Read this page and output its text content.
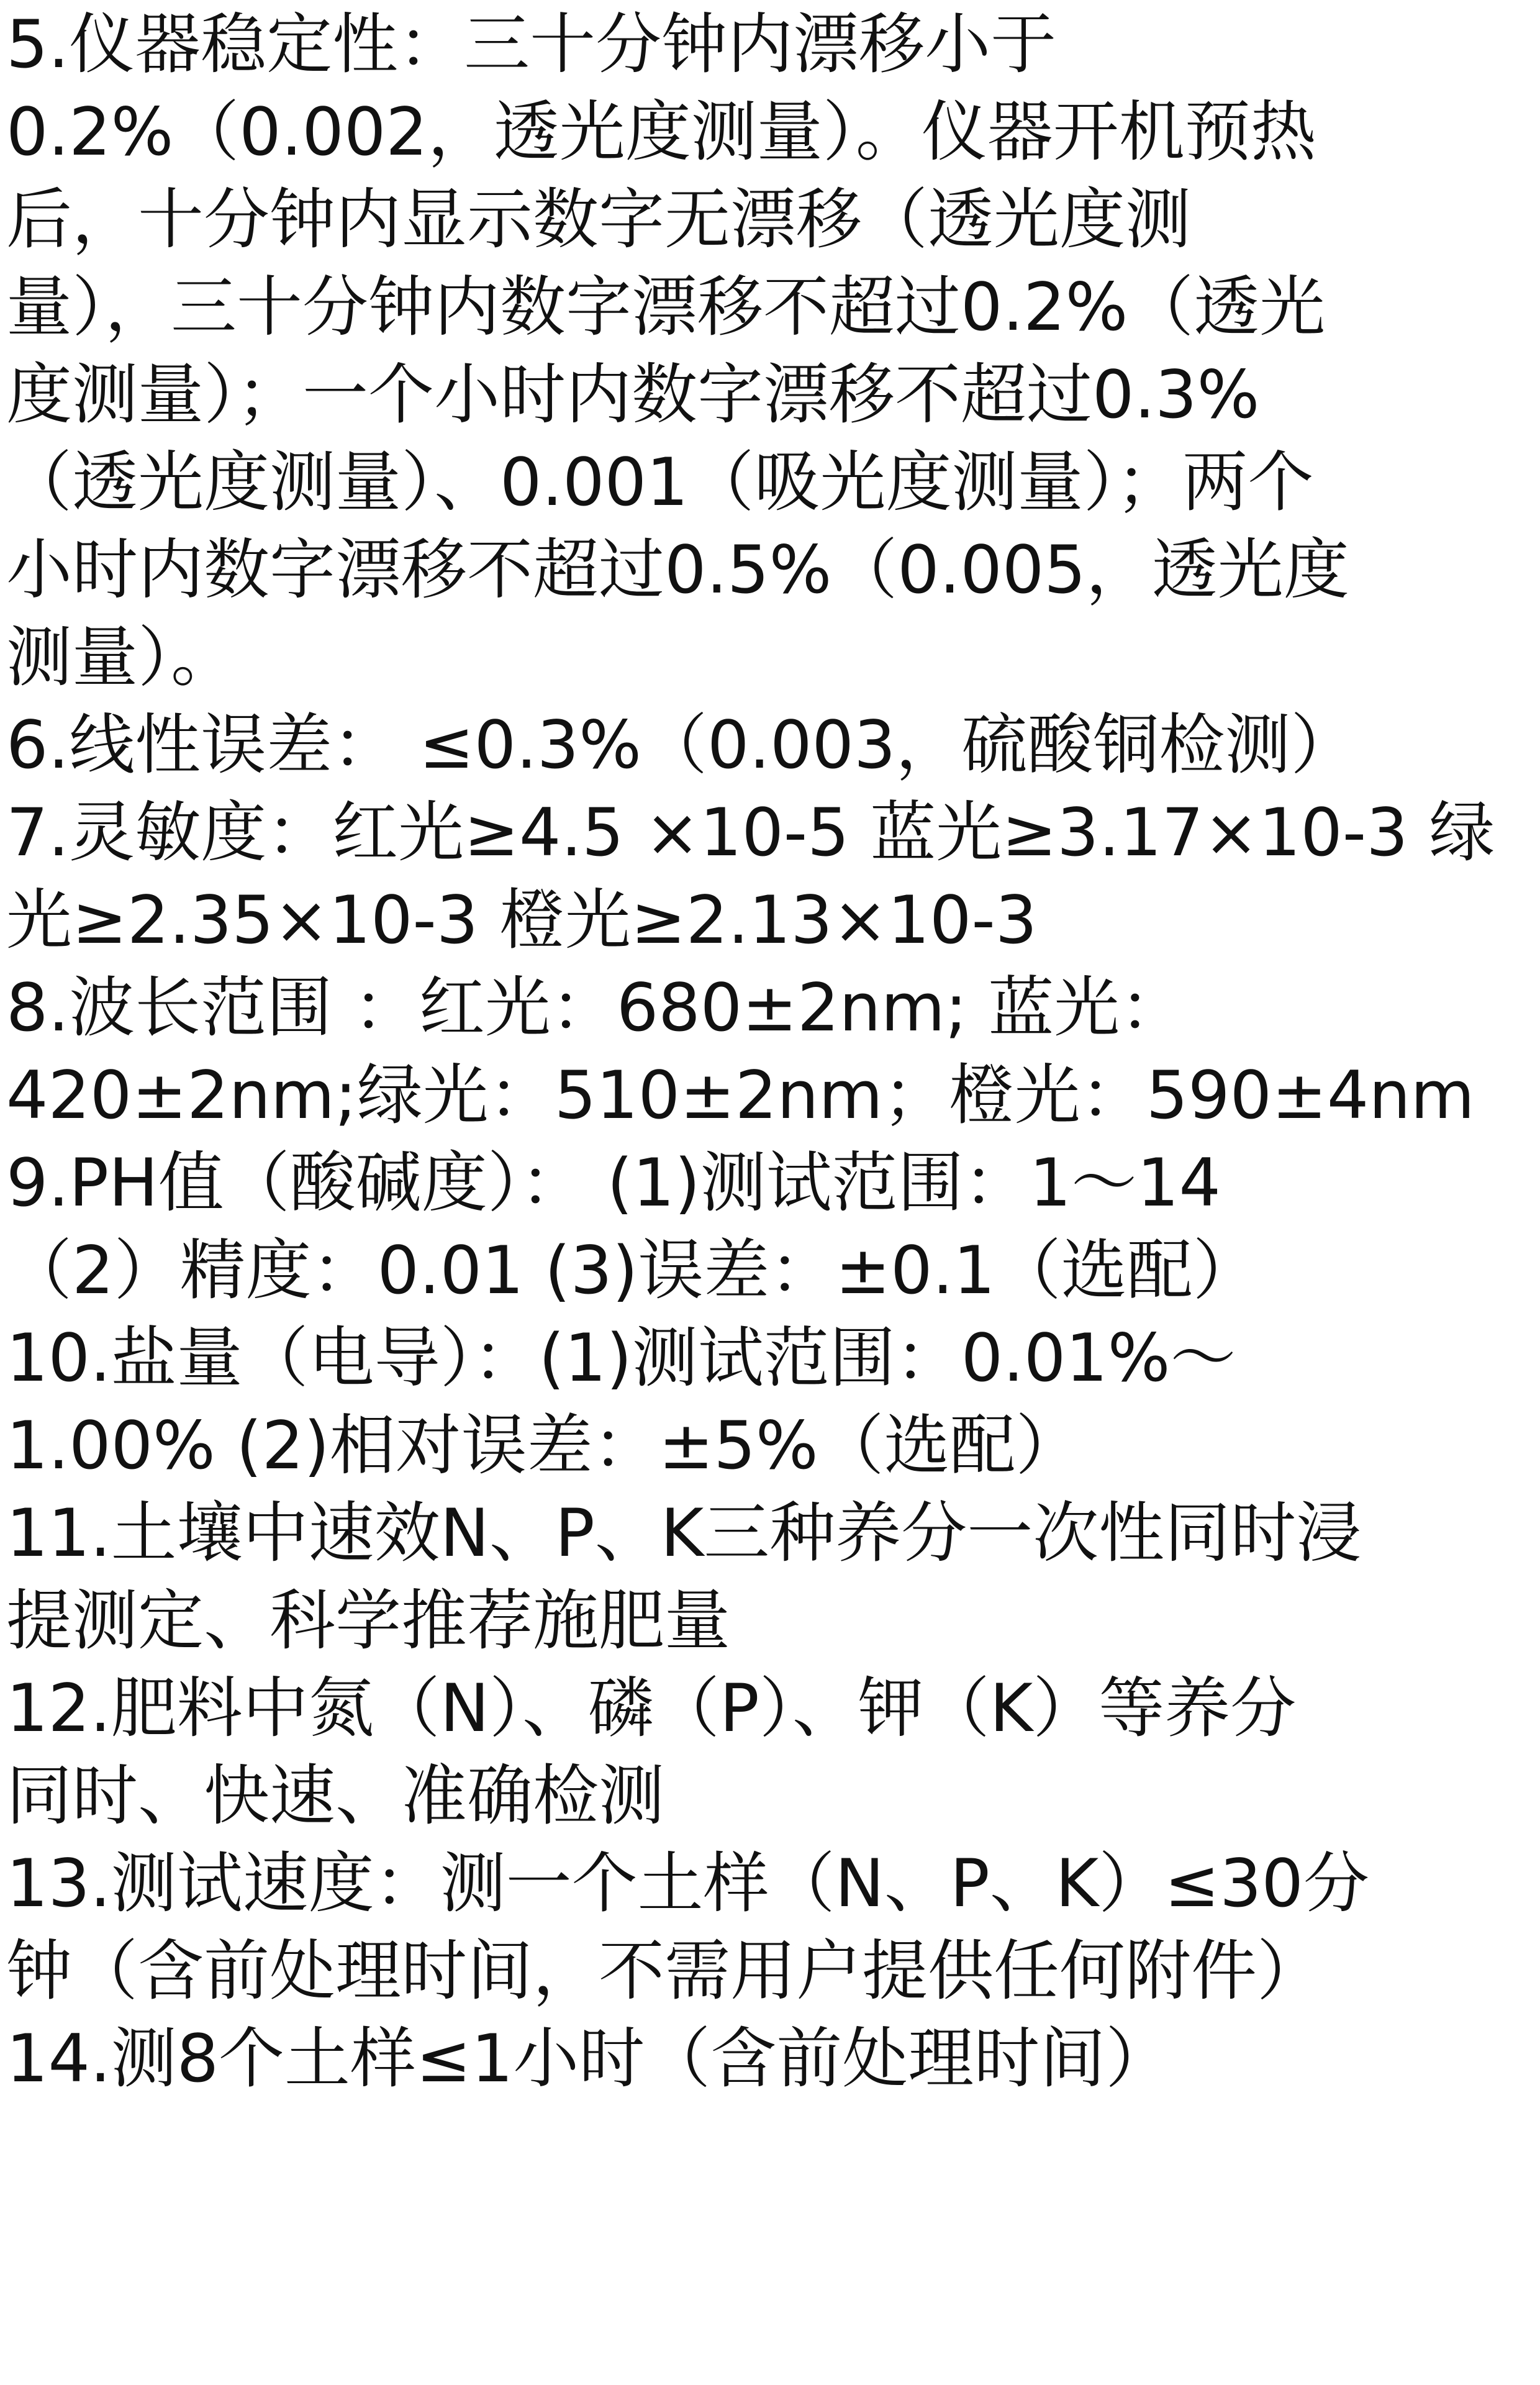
5.仪器稳定性：三十分钟内漂移小于
0.2%（0.002，透光度测量）。仪器开机预热
后，十分钟内显示数字无漂移（透光度测
量），三十分钟内数字漂移不超过0.2%（透光
度测量）；一个小时内数字漂移不超过0.3%
（透光度测量）、0.001（吸光度测量）；两个
小时内数字漂移不超过0.5%（0.005，透光度
测量）。
6.线性误差： ≤0.3%（0.003，硫酸铜检测）
7.灵敏度：红光≥4.5 ×10-5 蓝光≥3.17×10-3 绿
光≥2.35×10-3 橙光≥2.13×10-3
8.波长范围 ：红光：680±2nm; 蓝光：
420±2nm;绿光：510±2nm；橙光：590±4nm
9.PH值（酸碱度）： (1)测试范围：1～14
（2）精度：0.01 (3)误差：±0.1（选配）
10.盐量（电导）：(1)测试范围：0.01%～
1.00% (2)相对误差：±5%（选配）
11.土壤中速效N、P、K三种养分一次性同时浸
提测定、科学推荐施肥量
12.肥料中氮（N）、磷（P）、钾（K）等养分
同时、快速、准确检测
13.测试速度：测一个土样（N、P、K）≤30分
钟（含前处理时间，不需用户提供任何附件）
14.测8个土样≤1小时（含前处理时间）
